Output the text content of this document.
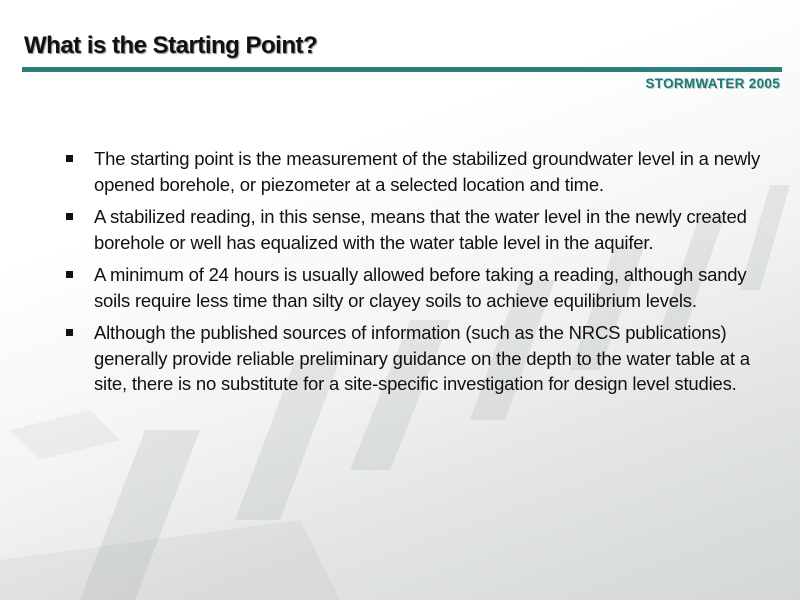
What is the Starting Point?
STORMWATER 2005
The starting point is the measurement of the stabilized groundwater level in a newly opened borehole, or piezometer at a selected location and time.
A stabilized reading, in this sense, means that the water level in the newly created borehole or well has equalized with the water table level in the aquifer.
A minimum of 24 hours is usually allowed before taking a reading, although sandy soils require less time than silty or clayey soils to achieve equilibrium levels.
Although the published sources of information (such as the NRCS publications) generally provide reliable preliminary guidance on the depth to the water table at a site, there is no substitute for a site-specific investigation for design level studies.
